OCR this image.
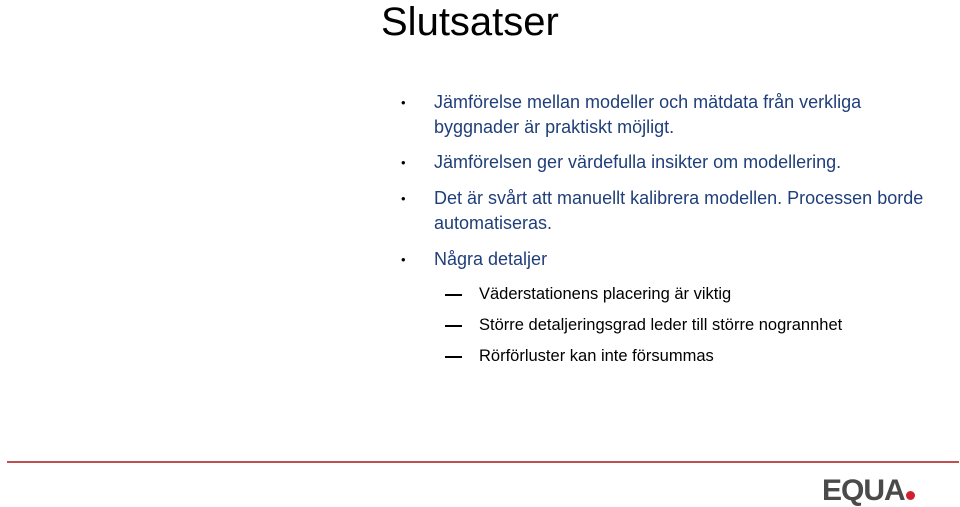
Slutsatser
• Jämförelse mellan modeller och mätdata från verkliga byggnader är praktiskt möjligt.
• Jämförelsen ger värdefulla insikter om modellering.
• Det är svårt att manuellt kalibrera modellen. Processen borde automatiseras.
• Några detaljer
Väderstationens placering är viktig
Större detaljeringsgrad leder till större nogrannhet
Rörförluster kan inte försummas
EQUA
